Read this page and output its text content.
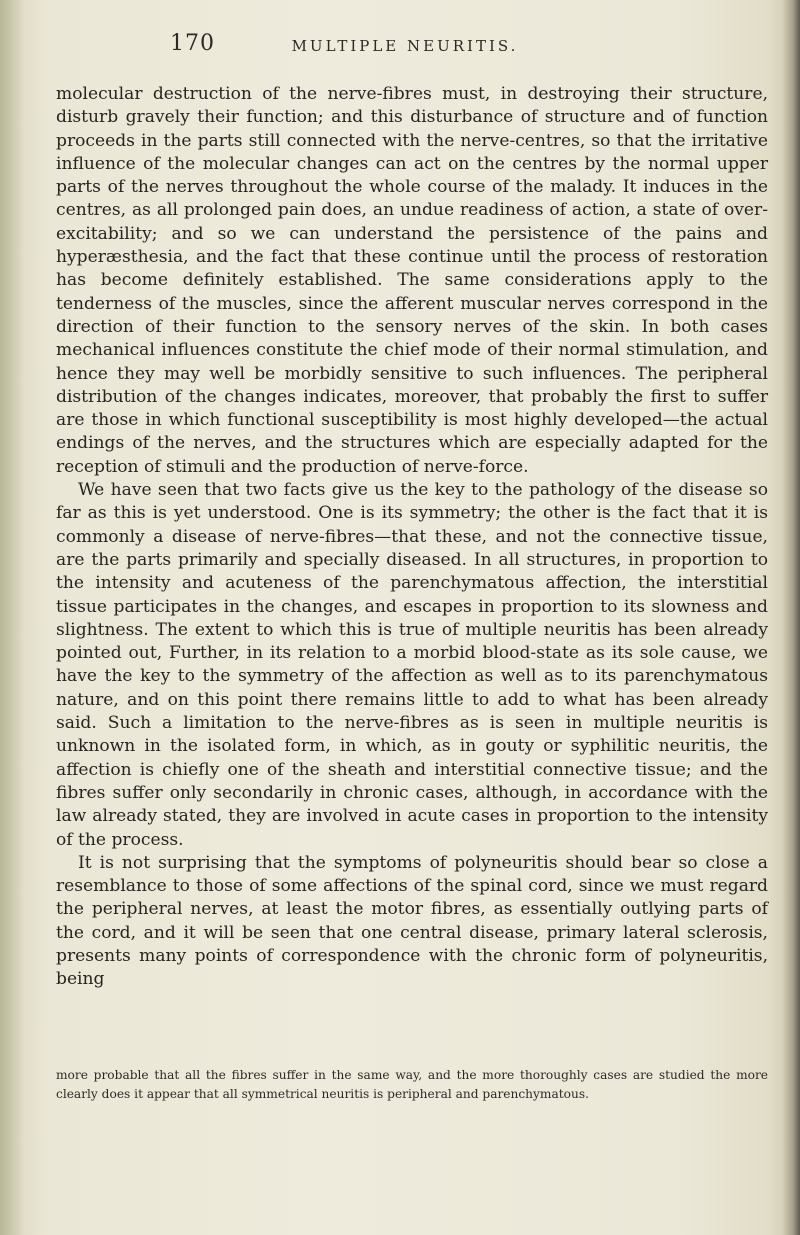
170	MULTIPLE NEURITIS.

molecular destruction of the nerve-fibres must, in destroying their structure, disturb gravely their function; and this disturbance of structure and of function proceeds in the parts still connected with the nerve-centres, so that the irritative influence of the molecular changes can act on the centres by the normal upper parts of the nerves throughout the whole course of the malady. It induces in the centres, as all prolonged pain does, an undue readiness of action, a state of over-excitability; and so we can understand the persistence of the pains and hyperæsthesia, and the fact that these continue until the process of restoration has become definitely established. The same considerations apply to the tenderness of the muscles, since the afferent muscular nerves correspond in the direction of their function to the sensory nerves of the skin. In both cases mechanical influences constitute the chief mode of their normal stimulation, and hence they may well be morbidly sensitive to such influences. The peripheral distribution of the changes indicates, moreover, that probably the first to suffer are those in which functional susceptibility is most highly developed—the actual endings of the nerves, and the structures which are especially adapted for the reception of stimuli and the production of nerve-force.

We have seen that two facts give us the key to the pathology of the disease so far as this is yet understood. One is its symmetry; the other is the fact that it is commonly a disease of nerve-fibres—that these, and not the connective tissue, are the parts primarily and specially diseased. In all structures, in proportion to the intensity and acuteness of the parenchymatous affection, the interstitial tissue participates in the changes, and escapes in proportion to its slowness and slightness. The extent to which this is true of multiple neuritis has been already pointed out, Further, in its relation to a morbid blood-state as its sole cause, we have the key to the symmetry of the affection as well as to its parenchymatous nature, and on this point there remains little to add to what has been already said. Such a limitation to the nerve-fibres as is seen in multiple neuritis is unknown in the isolated form, in which, as in gouty or syphilitic neuritis, the affection is chiefly one of the sheath and interstitial connective tissue; and the fibres suffer only secondarily in chronic cases, although, in accordance with the law already stated, they are involved in acute cases in proportion to the intensity of the process.

It is not surprising that the symptoms of polyneuritis should bear so close a resemblance to those of some affections of the spinal cord, since we must regard the peripheral nerves, at least the motor fibres, as essentially outlying parts of the cord, and it will be seen that one central disease, primary lateral sclerosis, presents many points of correspondence with the chronic form of polyneuritis, being

more probable that all the fibres suffer in the same way, and the more thoroughly cases are studied the more clearly does it appear that all symmetrical neuritis is peripheral and parenchymatous.
